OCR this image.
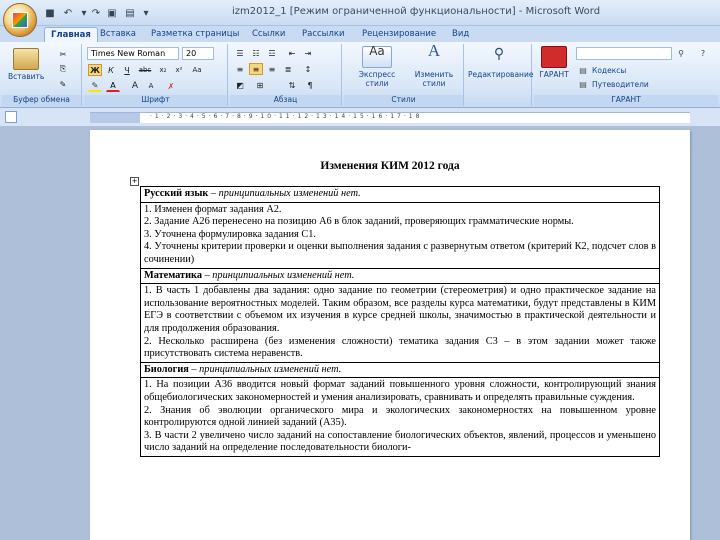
■ ↶ ▾ ↷ ▣ ▤ ▾	izm2012_1 [Режим ограниченной функциональности] - Microsoft Word
Главная	Вставка Разметка страницы Ссылки Рассылки Рецензирование Вид
Вставить
✂
⎘
✎
Буфер обмена
Times New Roman	20
Ж	К	Ч	abc	x₂	x²	Aa
✎	A	A	A	✗
Шрифт
☰	☷	☲	⇤	⇥
≡	≡	≡	≣	↕
◩	⊞	⇅	¶
Абзац
Aa
Экспресс стили
A
Изменить стили
Стили
⚲
Редактирование ГАРАНТ	▤ Кодексы
▤ Путеводители
⚲	?
ГАРАНТ
·1·2·3·4·5·6·7·8·9·10·11·12·13·14·15·16·17·18
Изменения КИМ 2012 года
+
Русский язык – принципиальных изменений нет.

1. Изменен формат задания А2.
2. Задание А26 перенесено на позицию А6 в блок заданий, проверяющих грамматические нормы.
3. Уточнена формулировка задания С1.
4. Уточнены критерии проверки и оценки выполнения задания с развернутым ответом (критерий К2, подсчет слов в сочинении)

Математика – принципиальных изменений нет.

1. В часть 1 добавлены два задания: одно задание по геометрии (стереометрия) и одно практическое задание на использование вероятностных моделей. Таким образом, все разделы курса математики, будут представлены в КИМ ЕГЭ в соответствии с объемом их изучения в курсе средней школы, значимостью в практической деятельности и для продолжения образования.
2. Несколько расширена (без изменения сложности) тематика задания С3 – в этом задании может также присутствовать система неравенств.

Биология – принципиальных изменений нет.

1. На позиции А36 вводится новый формат заданий повышенного уровня сложности, контролирующий знания общебиологических закономерностей и умения анализировать, сравнивать и определять правильные суждения.
2. Знания об эволюции органического мира и экологических закономерностях на повышенном уровне контролируются одной линией заданий (А35).
3. В части 2 увеличено число заданий на сопоставление биологических объектов, явлений, процессов и уменьшено число заданий на определение последовательности биологи-
